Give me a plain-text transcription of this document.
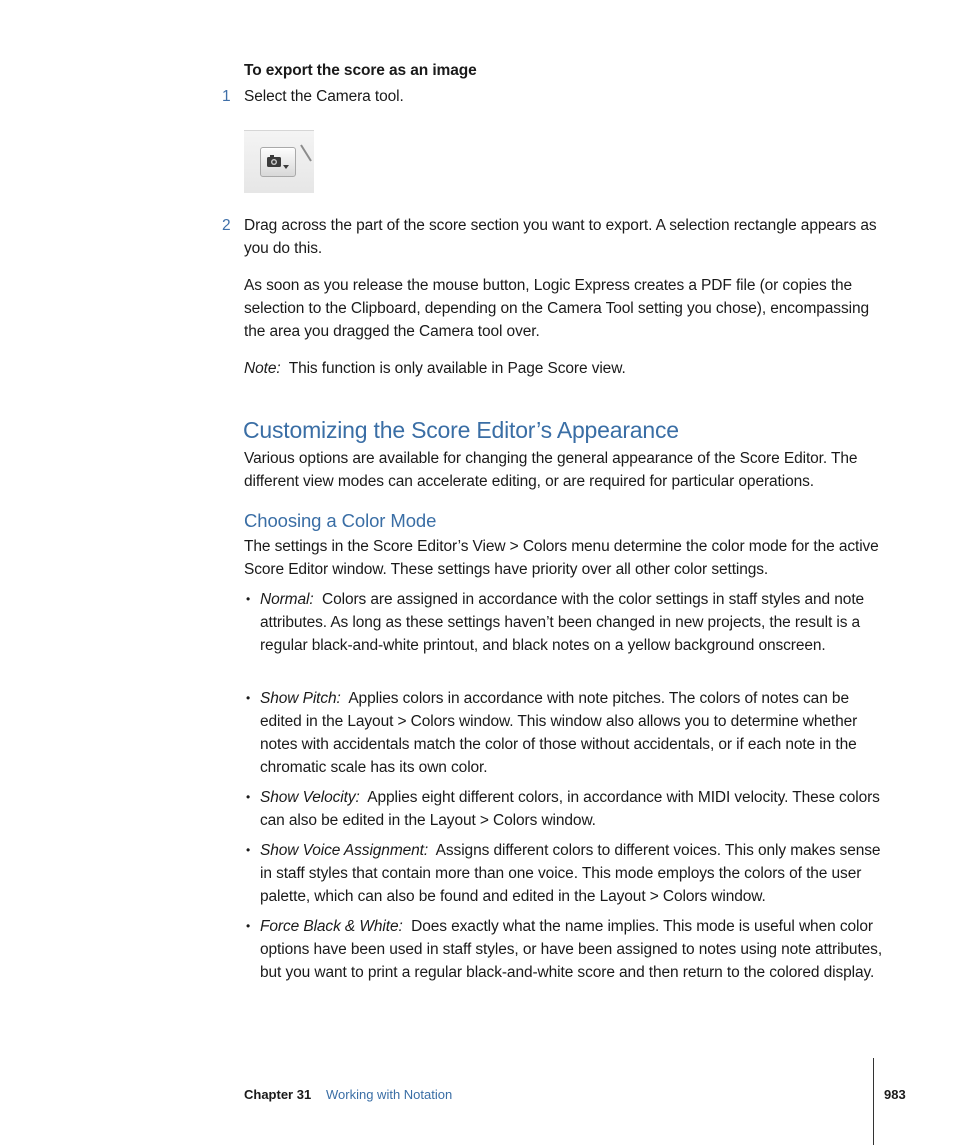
To export the score as an image
1 Select the Camera tool.
2 Drag across the part of the score section you want to export. A selection rectangle appears as you do this.
As soon as you release the mouse button, Logic Express creates a PDF file (or copies the selection to the Clipboard, depending on the Camera Tool setting you chose), encompassing the area you dragged the Camera tool over.
Note: This function is only available in Page Score view.
Customizing the Score Editor’s Appearance
Various options are available for changing the general appearance of the Score Editor. The different view modes can accelerate editing, or are required for particular operations.
Choosing a Color Mode
The settings in the Score Editor’s View > Colors menu determine the color mode for the active Score Editor window. These settings have priority over all other color settings.
• Normal: Colors are assigned in accordance with the color settings in staff styles and note attributes. As long as these settings haven’t been changed in new projects, the result is a regular black-and-white printout, and black notes on a yellow background onscreen.
• Show Pitch: Applies colors in accordance with note pitches. The colors of notes can be edited in the Layout > Colors window. This window also allows you to determine whether notes with accidentals match the color of those without accidentals, or if each note in the chromatic scale has its own color.
• Show Velocity: Applies eight different colors, in accordance with MIDI velocity. These colors can also be edited in the Layout > Colors window.
• Show Voice Assignment: Assigns different colors to different voices. This only makes sense in staff styles that contain more than one voice. This mode employs the colors of the user palette, which can also be found and edited in the Layout > Colors window.
• Force Black & White: Does exactly what the name implies. This mode is useful when color options have been used in staff styles, or have been assigned to notes using note attributes, but you want to print a regular black-and-white score and then return to the colored display.
Chapter 31 Working with Notation	983
